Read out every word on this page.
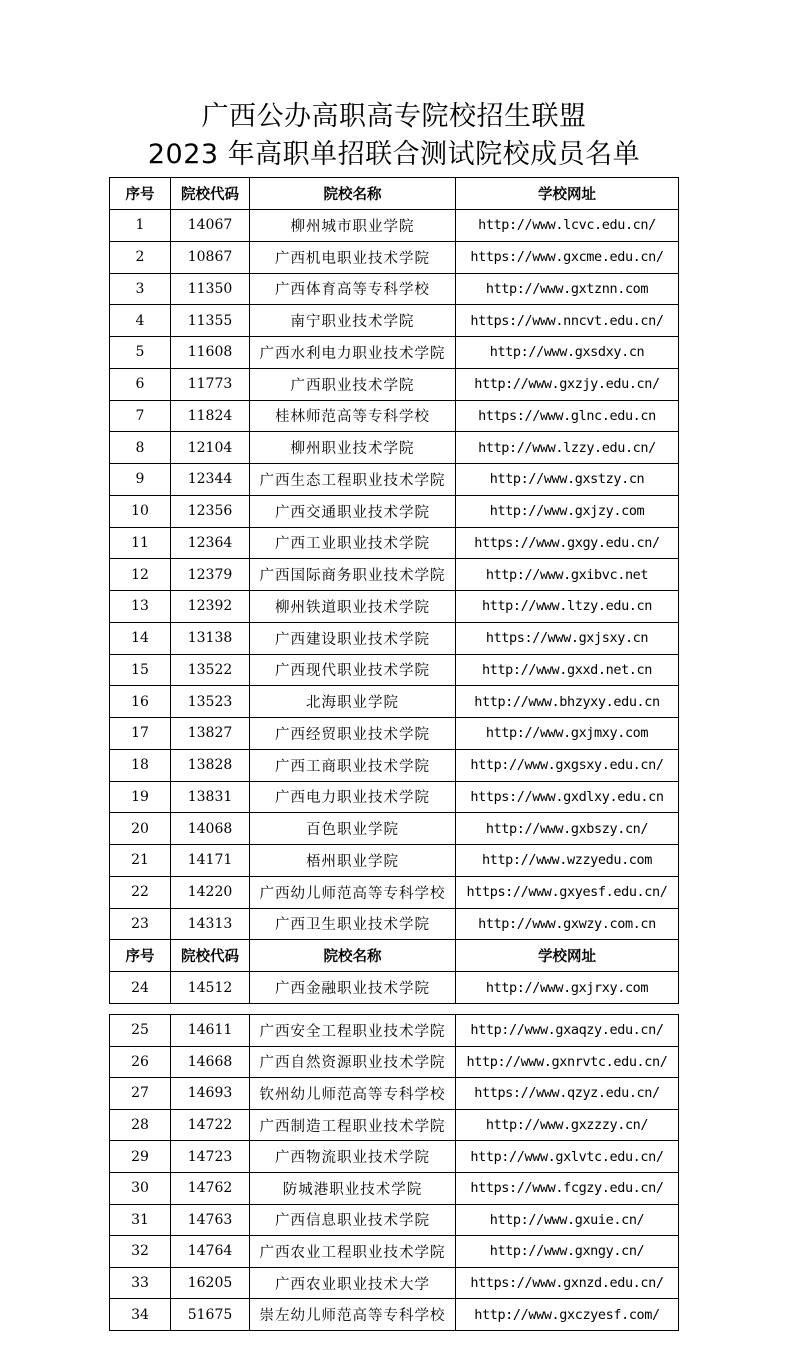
广西公办高职高专院校招生联盟
2023 年高职单招联合测试院校成员名单
序号	院校代码	院校名称	学校网址
1	14067	柳州城市职业学院	http://www.lcvc.edu.cn/
2	10867	广西机电职业技术学院	https://www.gxcme.edu.cn/
3	11350	广西体育高等专科学校	http://www.gxtznn.com
4	11355	南宁职业技术学院	https://www.nncvt.edu.cn/
5	11608	广西水利电力职业技术学院	http://www.gxsdxy.cn
6	11773	广西职业技术学院	http://www.gxzjy.edu.cn/
7	11824	桂林师范高等专科学校	https://www.glnc.edu.cn
8	12104	柳州职业技术学院	http://www.lzzy.edu.cn/
9	12344	广西生态工程职业技术学院	http://www.gxstzy.cn
10	12356	广西交通职业技术学院	http://www.gxjzy.com
11	12364	广西工业职业技术学院	https://www.gxgy.edu.cn/
12	12379	广西国际商务职业技术学院	http://www.gxibvc.net
13	12392	柳州铁道职业技术学院	http://www.ltzy.edu.cn
14	13138	广西建设职业技术学院	https://www.gxjsxy.cn
15	13522	广西现代职业技术学院	http://www.gxxd.net.cn
16	13523	北海职业学院	http://www.bhzyxy.edu.cn
17	13827	广西经贸职业技术学院	http://www.gxjmxy.com
18	13828	广西工商职业技术学院	http://www.gxgsxy.edu.cn/
19	13831	广西电力职业技术学院	https://www.gxdlxy.edu.cn
20	14068	百色职业学院	http://www.gxbszy.cn/
21	14171	梧州职业学院	http://www.wzzyedu.com
22	14220	广西幼儿师范高等专科学校	https://www.gxyesf.edu.cn/
23	14313	广西卫生职业技术学院	http://www.gxwzy.com.cn
序号	院校代码	院校名称	学校网址
24	14512	广西金融职业技术学院	http://www.gxjrxy.com
25	14611	广西安全工程职业技术学院	http://www.gxaqzy.edu.cn/
26	14668	广西自然资源职业技术学院	http://www.gxnrvtc.edu.cn/
27	14693	钦州幼儿师范高等专科学校	https://www.qzyz.edu.cn/
28	14722	广西制造工程职业技术学院	http://www.gxzzzy.cn/
29	14723	广西物流职业技术学院	http://www.gxlvtc.edu.cn/
30	14762	防城港职业技术学院	https://www.fcgzy.edu.cn/
31	14763	广西信息职业技术学院	http://www.gxuie.cn/
32	14764	广西农业工程职业技术学院	http://www.gxngy.cn/
33	16205	广西农业职业技术大学	https://www.gxnzd.edu.cn/
34	51675	崇左幼儿师范高等专科学校	http://www.gxczyesf.com/
